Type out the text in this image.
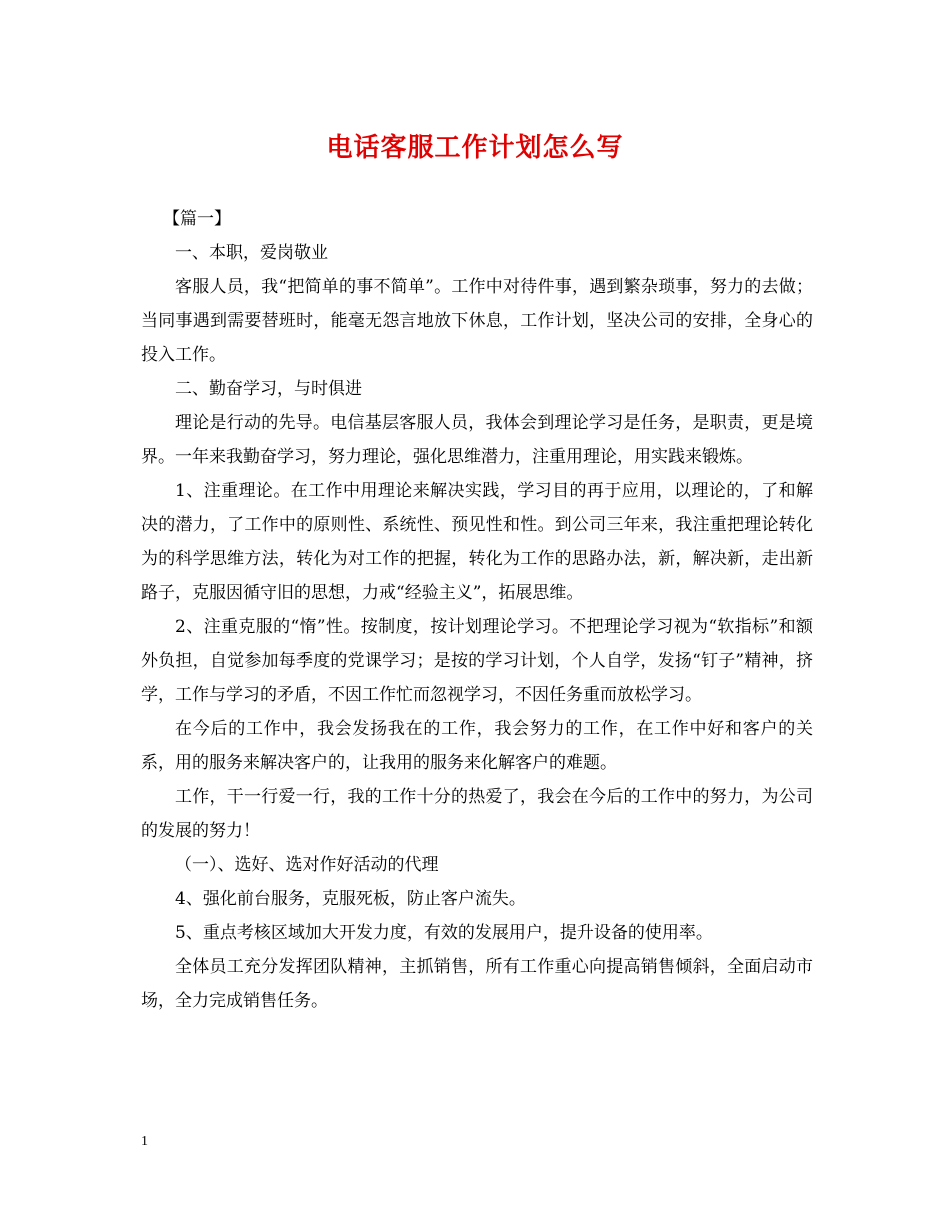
电话客服工作计划怎么写

【篇一】

一、本职，爱岗敬业

客服人员，我“把简单的事不简单”。工作中对待件事，遇到繁杂琐事，努力的去做；当同事遇到需要替班时，能毫无怨言地放下休息，工作计划，坚决公司的安排，全身心的投入工作。

二、勤奋学习，与时俱进

理论是行动的先导。电信基层客服人员，我体会到理论学习是任务，是职责，更是境界。一年来我勤奋学习，努力理论，强化思维潜力，注重用理论，用实践来锻炼。

1、注重理论。在工作中用理论来解决实践，学习目的再于应用，以理论的，了和解决的潜力，了工作中的原则性、系统性、预见性和性。到公司三年来，我注重把理论转化为的科学思维方法，转化为对工作的把握，转化为工作的思路办法，新，解决新，走出新路子，克服因循守旧的思想，力戒“经验主义”，拓展思维。

2、注重克服的“惰”性。按制度，按计划理论学习。不把理论学习视为“软指标”和额外负担，自觉参加每季度的党课学习；是按的学习计划，个人自学，发扬“钉子”精神，挤学，工作与学习的矛盾，不因工作忙而忽视学习，不因任务重而放松学习。

在今后的工作中，我会发扬我在的工作，我会努力的工作，在工作中好和客户的关系，用的服务来解决客户的，让我用的服务来化解客户的难题。

工作，干一行爱一行，我的工作十分的热爱了，我会在今后的工作中的努力，为公司的发展的努力！

（一）、选好、选对作好活动的代理

4、强化前台服务，克服死板，防止客户流失。

5、重点考核区域加大开发力度，有效的发展用户，提升设备的使用率。

全体员工充分发挥团队精神，主抓销售，所有工作重心向提高销售倾斜，全面启动市场，全力完成销售任务。

1
